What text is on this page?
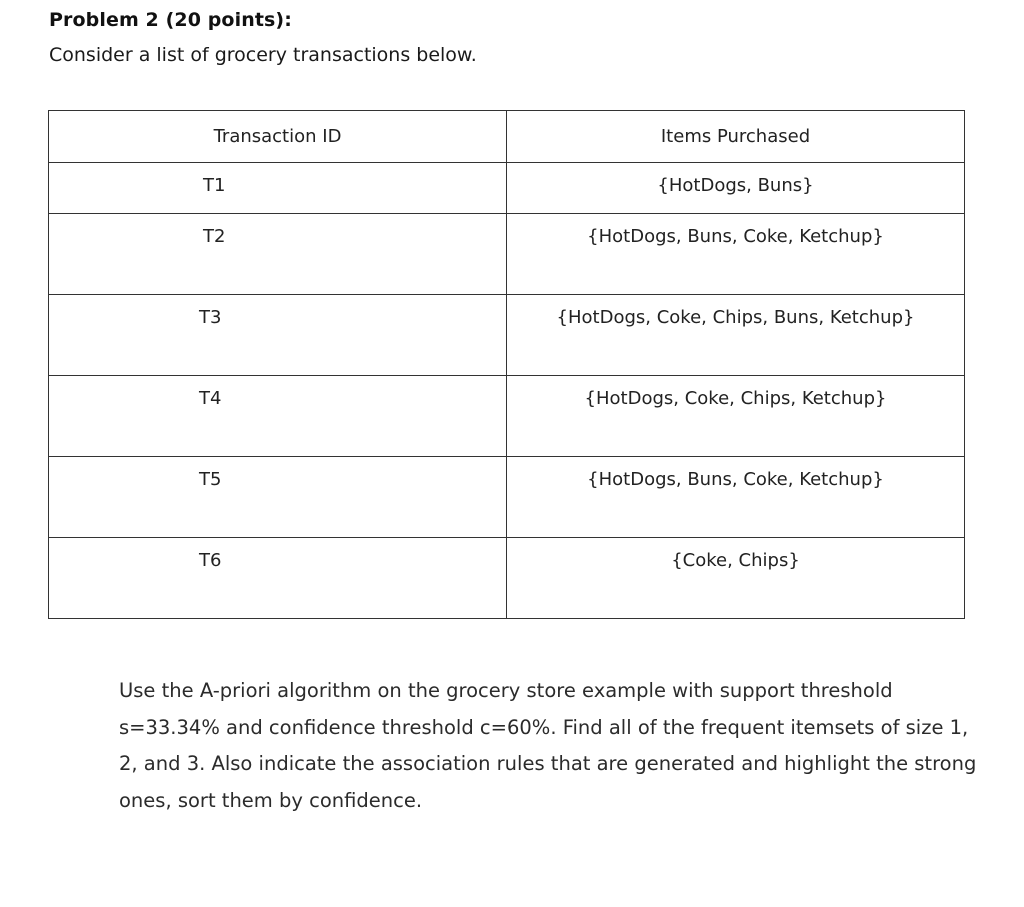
Problem 2 (20 points):
Consider a list of grocery transactions below.
Transaction ID	Items Purchased
T1	{HotDogs, Buns}
T2	{HotDogs, Buns, Coke, Ketchup}
T3	{HotDogs, Coke, Chips, Buns, Ketchup}
T4	{HotDogs, Coke, Chips, Ketchup}
T5	{HotDogs, Buns, Coke, Ketchup}
T6	{Coke, Chips}
Use the A-priori algorithm on the grocery store example with support threshold s=33.34% and confidence threshold c=60%. Find all of the frequent itemsets of size 1, 2, and 3. Also indicate the association rules that are generated and highlight the strong ones, sort them by confidence.
